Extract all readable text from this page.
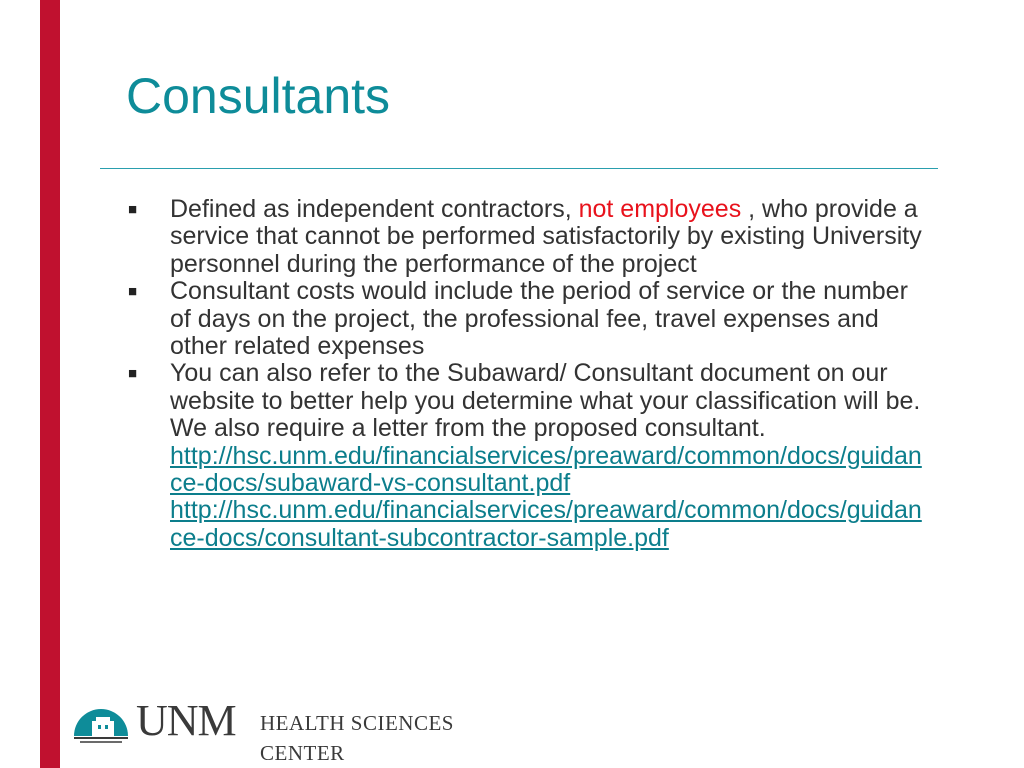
Consultants
■ Defined as independent contractors, not employees , who provide a service that cannot be performed satisfactorily by existing University personnel during the performance of the project
■ Consultant costs would include the period of service or the number of days on the project, the professional fee, travel expenses and other related expenses
■ You can also refer to the Subaward/ Consultant document on our website to better help you determine what your classification will be. We also require a letter from the proposed consultant.
http://hsc.unm.edu/financialservices/preaward/common/docs/guidance-docs/subaward-vs-consultant.pdf
http://hsc.unm.edu/financialservices/preaward/common/docs/guidance-docs/consultant-subcontractor-sample.pdf
UNM HEALTH SCIENCES CENTER
